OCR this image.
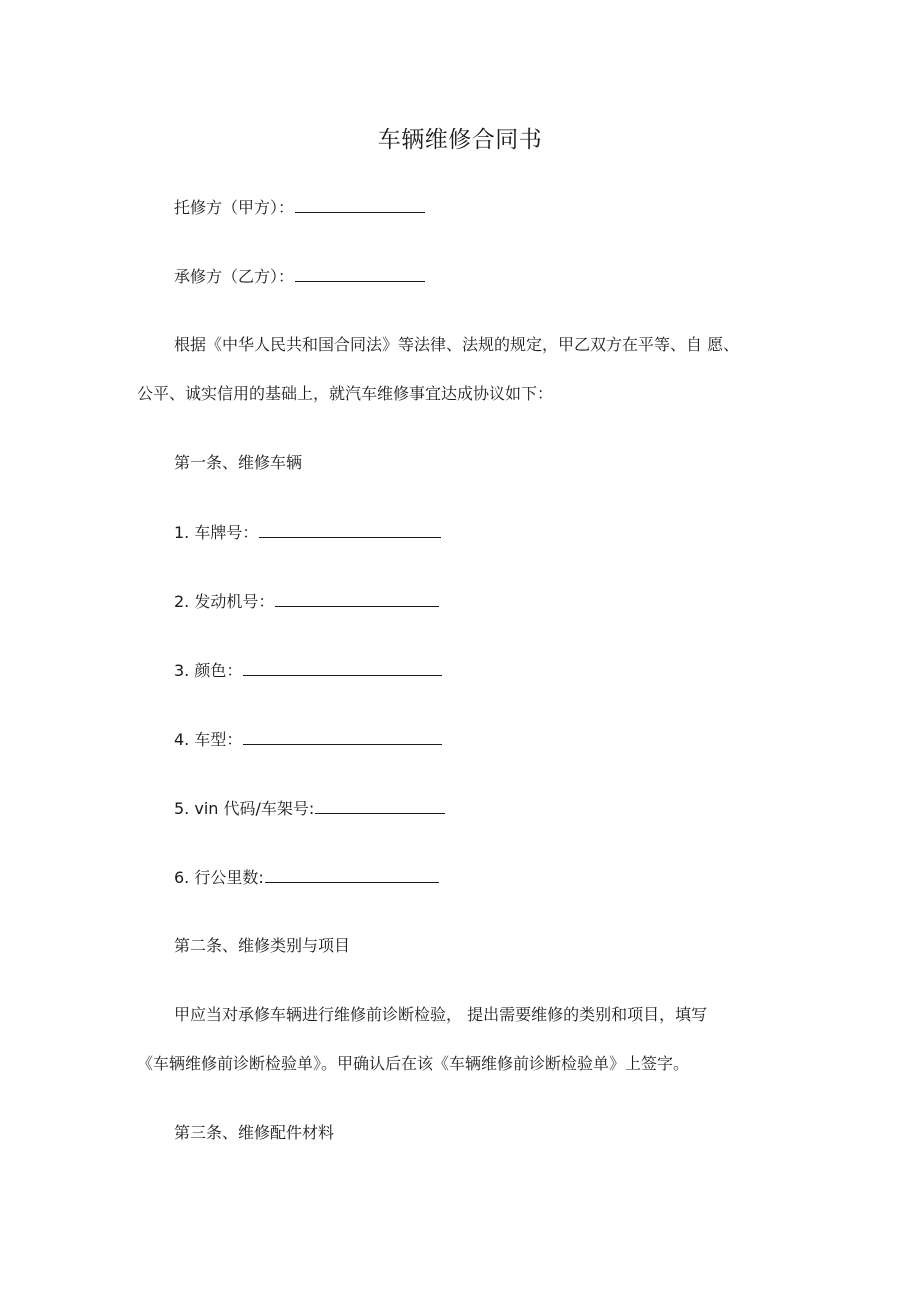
车辆维修合同书
托修方（甲方）：
承修方（乙方）：
根据《中华人民共和国合同法》等法律、法规的规定，甲乙双方在平等、自 愿、
公平、诚实信用的基础上，就汽车维修事宜达成协议如下：
第一条、维修车辆
1. 车牌号：
2. 发动机号：
3. 颜色：
4. 车型：
5. vin 代码/车架号:
6. 行公里数:
第二条、维修类别与项目
甲应当对承修车辆进行维修前诊断检验， 提出需要维修的类别和项目，填写
《车辆维修前诊断检验单》。甲确认后在该《车辆维修前诊断检验单》上签字。
第三条、维修配件材料
